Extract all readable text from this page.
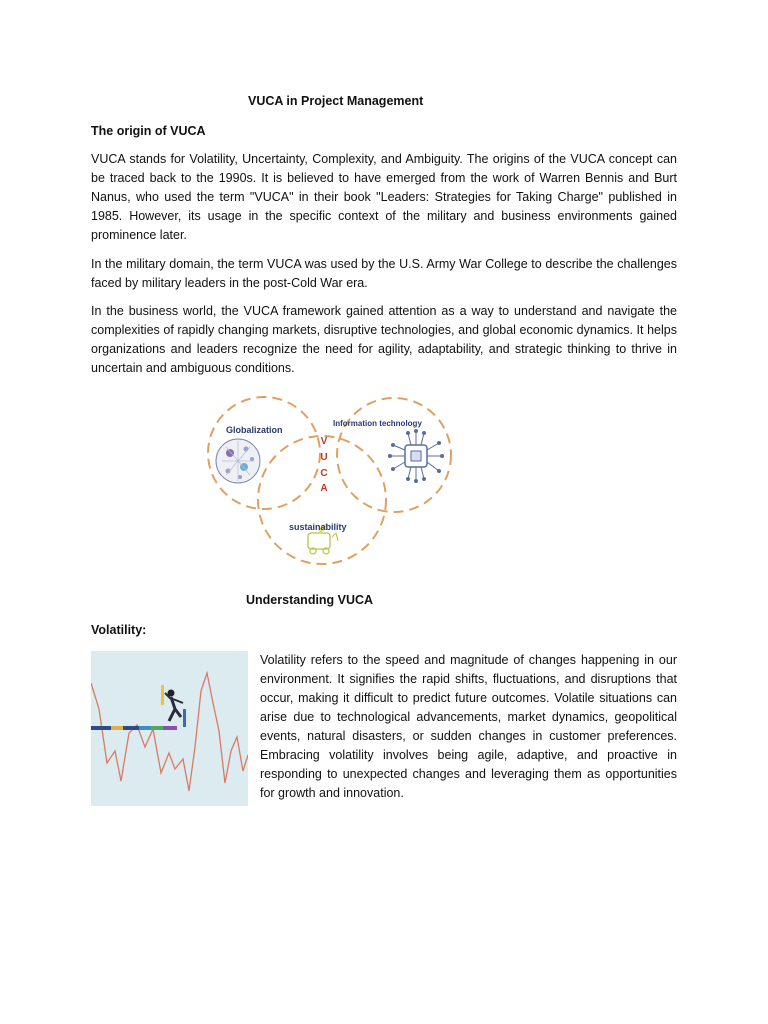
VUCA in Project Management
The origin of VUCA

VUCA stands for Volatility, Uncertainty, Complexity, and Ambiguity. The origins of the VUCA concept can be traced back to the 1990s. It is believed to have emerged from the work of Warren Bennis and Burt Nanus, who used the term "VUCA" in their book "Leaders: Strategies for Taking Charge" published in 1985. However, its usage in the specific context of the military and business environments gained prominence later.

In the military domain, the term VUCA was used by the U.S. Army War College to describe the challenges faced by military leaders in the post-Cold War era.

In the business world, the VUCA framework gained attention as a way to understand and navigate the complexities of rapidly changing markets, disruptive technologies, and global economic dynamics. It helps organizations and leaders recognize the need for agility, adaptability, and strategic thinking to thrive in uncertain and ambiguous conditions.

Globalization
Information technology
sustainability
V
U
C
A
Understanding VUCA
Volatility:

Volatility refers to the speed and magnitude of changes happening in our environment. It signifies the rapid shifts, fluctuations, and disruptions that occur, making it difficult to predict future outcomes. Volatile situations can arise due to technological advancements, market dynamics, geopolitical events, natural disasters, or sudden changes in customer preferences. Embracing volatility involves being agile, adaptive, and proactive in responding to unexpected changes and leveraging them as opportunities for growth and innovation.
